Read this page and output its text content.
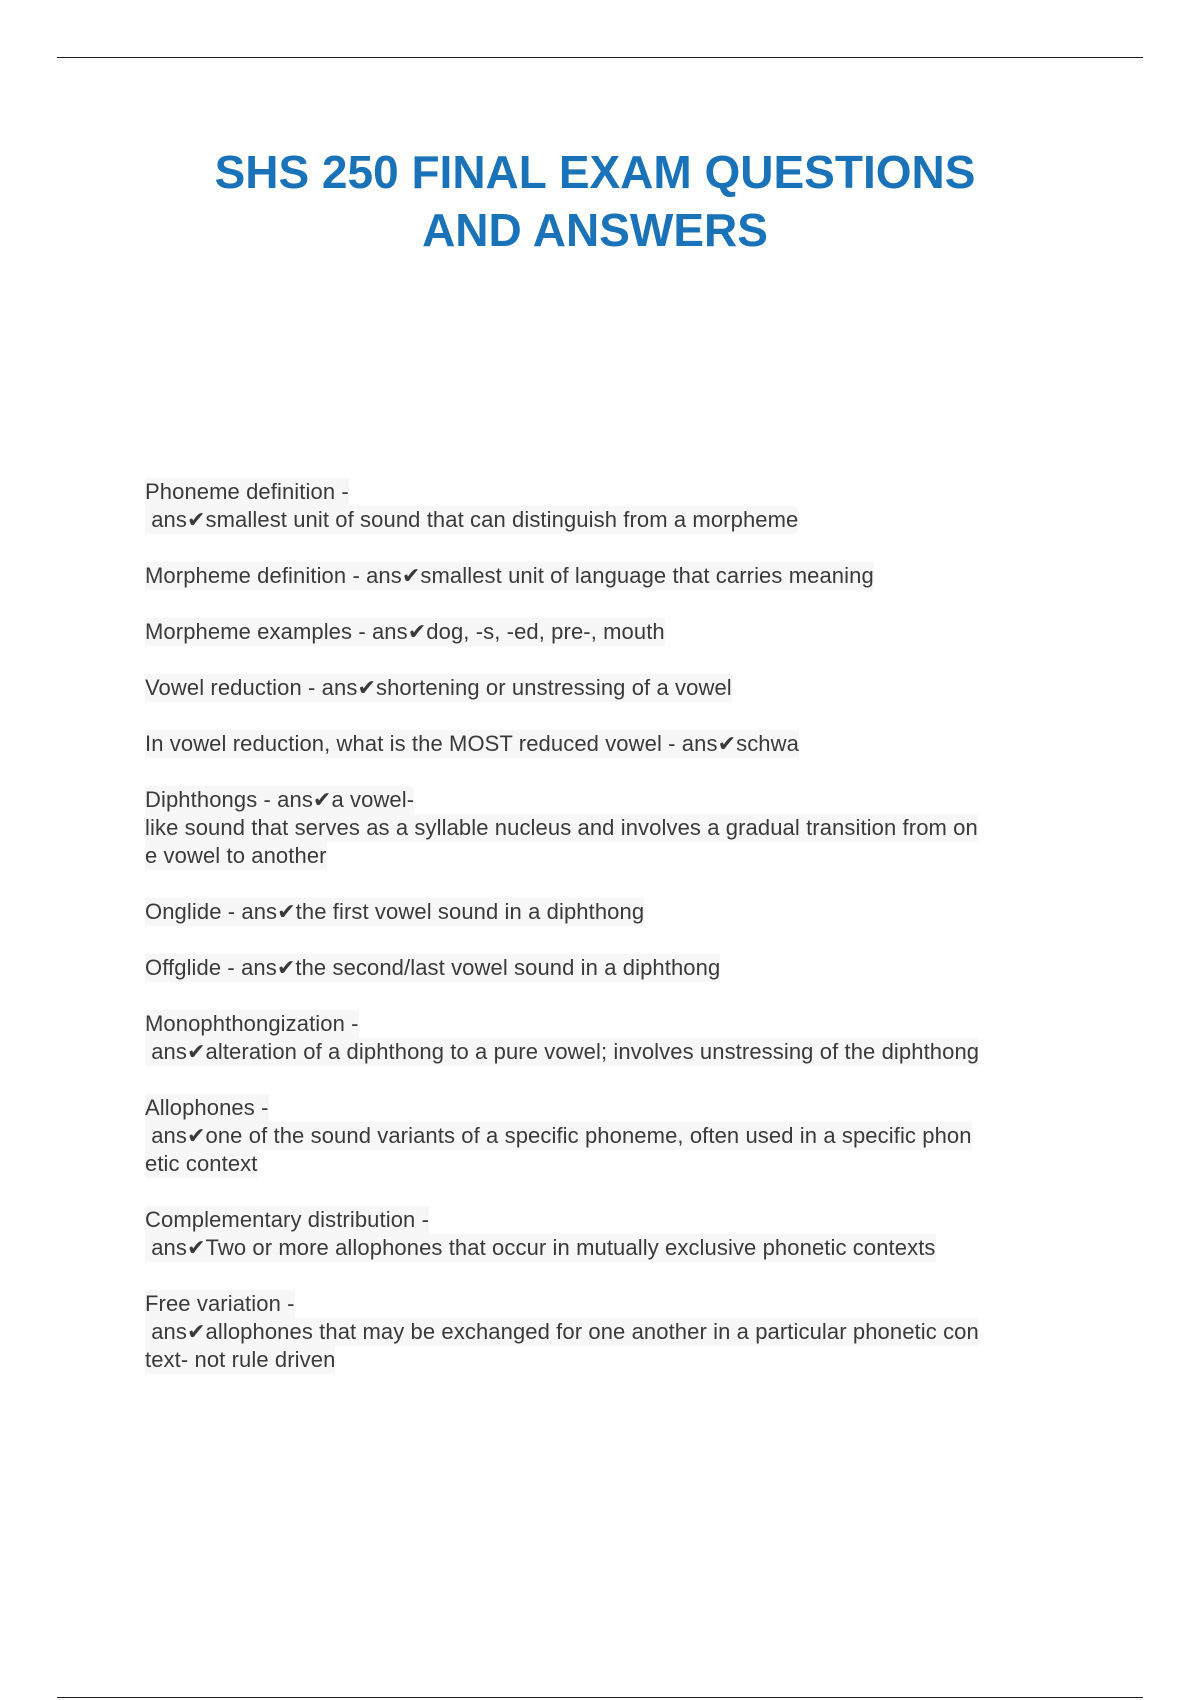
SHS 250 FINAL EXAM QUESTIONS
AND ANSWERS
Phoneme definition -
ans✔smallest unit of sound that can distinguish from a morpheme
Morpheme definition - ans✔smallest unit of language that carries meaning
Morpheme examples - ans✔dog, -s, -ed, pre-, mouth
Vowel reduction - ans✔shortening or unstressing of a vowel
In vowel reduction, what is the MOST reduced vowel - ans✔schwa
Diphthongs - ans✔a vowel-
like sound that serves as a syllable nucleus and involves a gradual transition from on
e vowel to another
Onglide - ans✔the first vowel sound in a diphthong
Offglide - ans✔the second/last vowel sound in a diphthong
Monophthongization -
ans✔alteration of a diphthong to a pure vowel; involves unstressing of the diphthong
Allophones -
ans✔one of the sound variants of a specific phoneme, often used in a specific phon
etic context
Complementary distribution -
ans✔Two or more allophones that occur in mutually exclusive phonetic contexts
Free variation -
ans✔allophones that may be exchanged for one another in a particular phonetic con
text- not rule driven
